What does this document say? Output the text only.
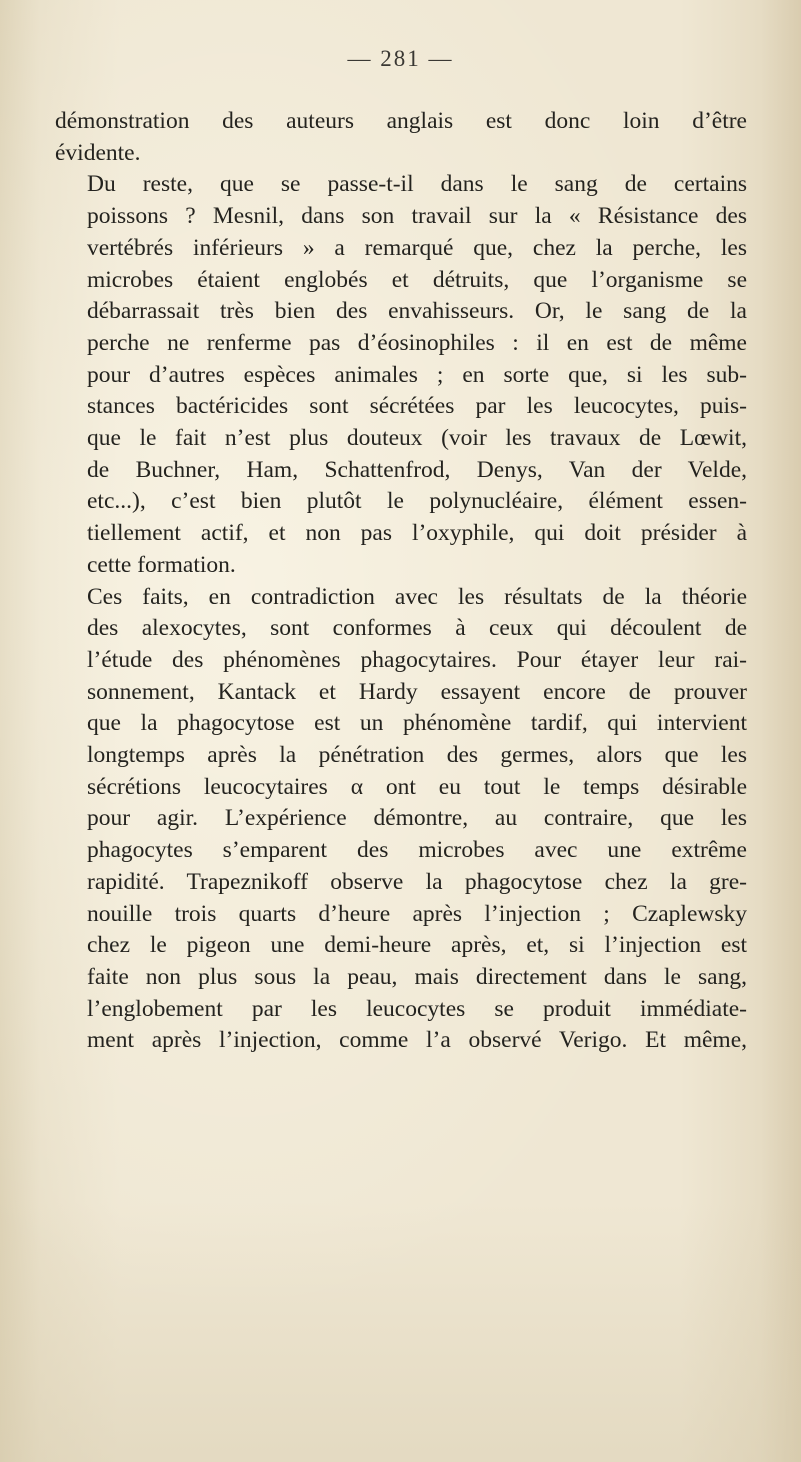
— 281 —

démonstration des auteurs anglais est donc loin d’être
évidente.

Du reste, que se passe-t-il dans le sang de certains
poissons ? Mesnil, dans son travail sur la « Résistance des
vertébrés inférieurs » a remarqué que, chez la perche, les
microbes étaient englobés et détruits, que l’organisme se
débarrassait très bien des envahisseurs. Or, le sang de la
perche ne renferme pas d’éosinophiles : il en est de même
pour d’autres espèces animales ; en sorte que, si les sub-
stances bactéricides sont sécrétées par les leucocytes, puis-
que le fait n’est plus douteux (voir les travaux de Lœwit,
de Buchner, Ham, Schattenfrod, Denys, Van der Velde,
etc...), c’est bien plutôt le polynucléaire, élément essen-
tiellement actif, et non pas l’oxyphile, qui doit présider à
cette formation.

Ces faits, en contradiction avec les résultats de la théorie
des alexocytes, sont conformes à ceux qui découlent de
l’étude des phénomènes phagocytaires. Pour étayer leur rai-
sonnement, Kantack et Hardy essayent encore de prouver
que la phagocytose est un phénomène tardif, qui intervient
longtemps après la pénétration des germes, alors que les
sécrétions leucocytaires α ont eu tout le temps désirable
pour agir. L’expérience démontre, au contraire, que les
phagocytes s’emparent des microbes avec une extrême
rapidité. Trapeznikoff observe la phagocytose chez la gre-
nouille trois quarts d’heure après l’injection ; Czaplewsky
chez le pigeon une demi-heure après, et, si l’injection est
faite non plus sous la peau, mais directement dans le sang,
l’englobement par les leucocytes se produit immédiate-
ment après l’injection, comme l’a observé Verigo. Et même,
